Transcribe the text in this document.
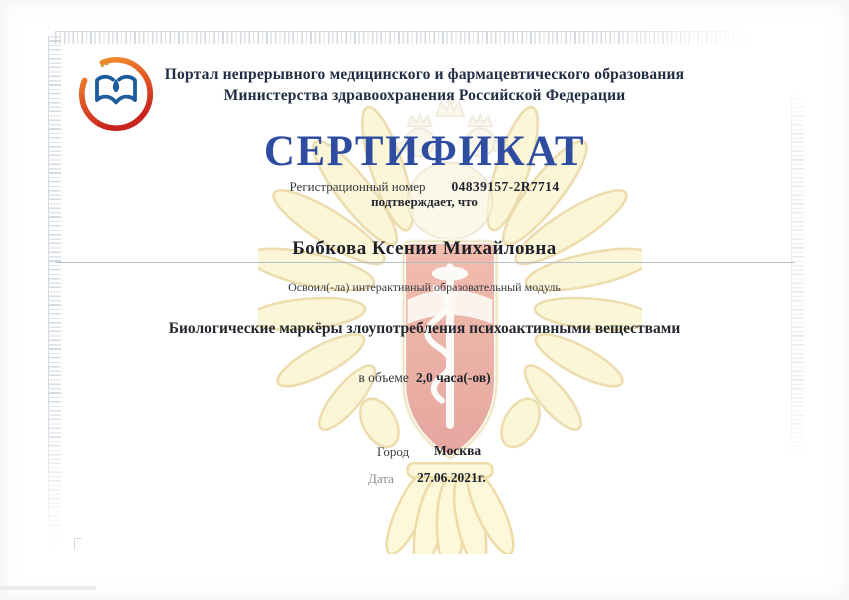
Портал непрерывного медицинского и фармацевтического образования
Министерства здравоохранения Российской Федерации
СЕРТИФИКАТ
Регистрационный номер 04839157-2R7714
подтверждает, что
Бобкова Ксения Михайловна
Освоил(-ла) интерактивный образовательный модуль
Биологические маркёры злоупотребления психоактивными веществами
в объеме 2,0 часа(-ов)
Город Москва
Дата 27.06.2021г.
